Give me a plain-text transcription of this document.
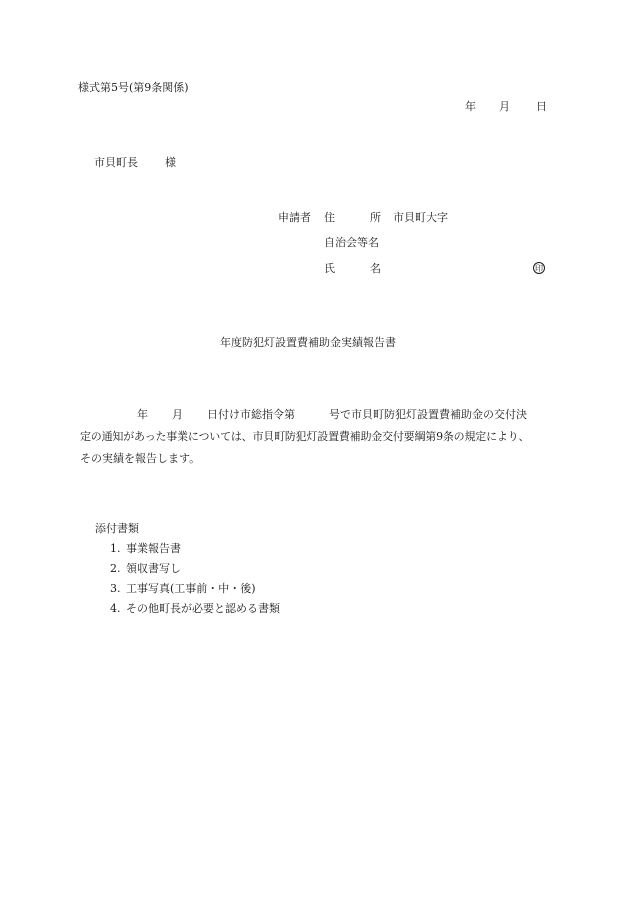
様式第5号(第9条関係)
年 月 日
市貝町長 様
申請者 住	所 市貝町大字
自治会等名
氏	名	印
年度防犯灯設置費補助金実績報告書
年 月 日付け市総指令第	号で市貝町防犯灯設置費補助金の交付決
定の通知があった事業については、市貝町防犯灯設置費補助金交付要綱第9条の規定により、
その実績を報告します。
添付書類
1. 事業報告書
2. 領収書写し
3. 工事写真(工事前・中・後)
4. その他町長が必要と認める書類
